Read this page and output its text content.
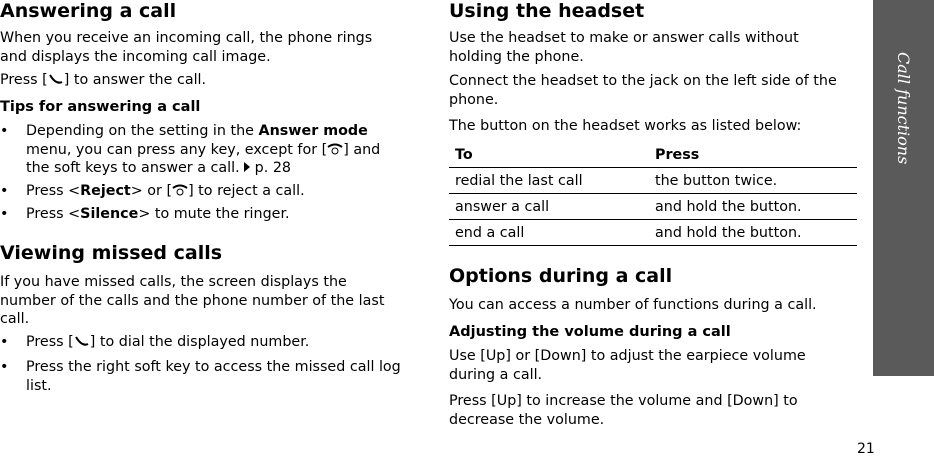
Answering a call

When you receive an incoming call, the phone rings and displays the incoming call image.

Press [ ] to answer the call.

Tips for answering a call
• Depending on the setting in the Answer mode menu, you can press any key, except for [ ] and the soft keys to answer a call. p. 28
• Press <Reject> or [ ] to reject a call.
• Press <Silence> to mute the ringer.
Viewing missed calls

If you have missed calls, the screen displays the number of the calls and the phone number of the last call.

• Press [ ] to dial the displayed number.
• Press the right soft key to access the missed call log list.
Using the headset

Use the headset to make or answer calls without holding the phone.

Connect the headset to the jack on the left side of the phone.

The button on the headset works as listed below:

To	Press
redial the last call	the button twice.
answer a call	and hold the button.
end a call	and hold the button.
Options during a call

You can access a number of functions during a call.

Adjusting the volume during a call

Use [Up] or [Down] to adjust the earpiece volume during a call.

Press [Up] to increase the volume and [Down] to decrease the volume.

Call functions
21
